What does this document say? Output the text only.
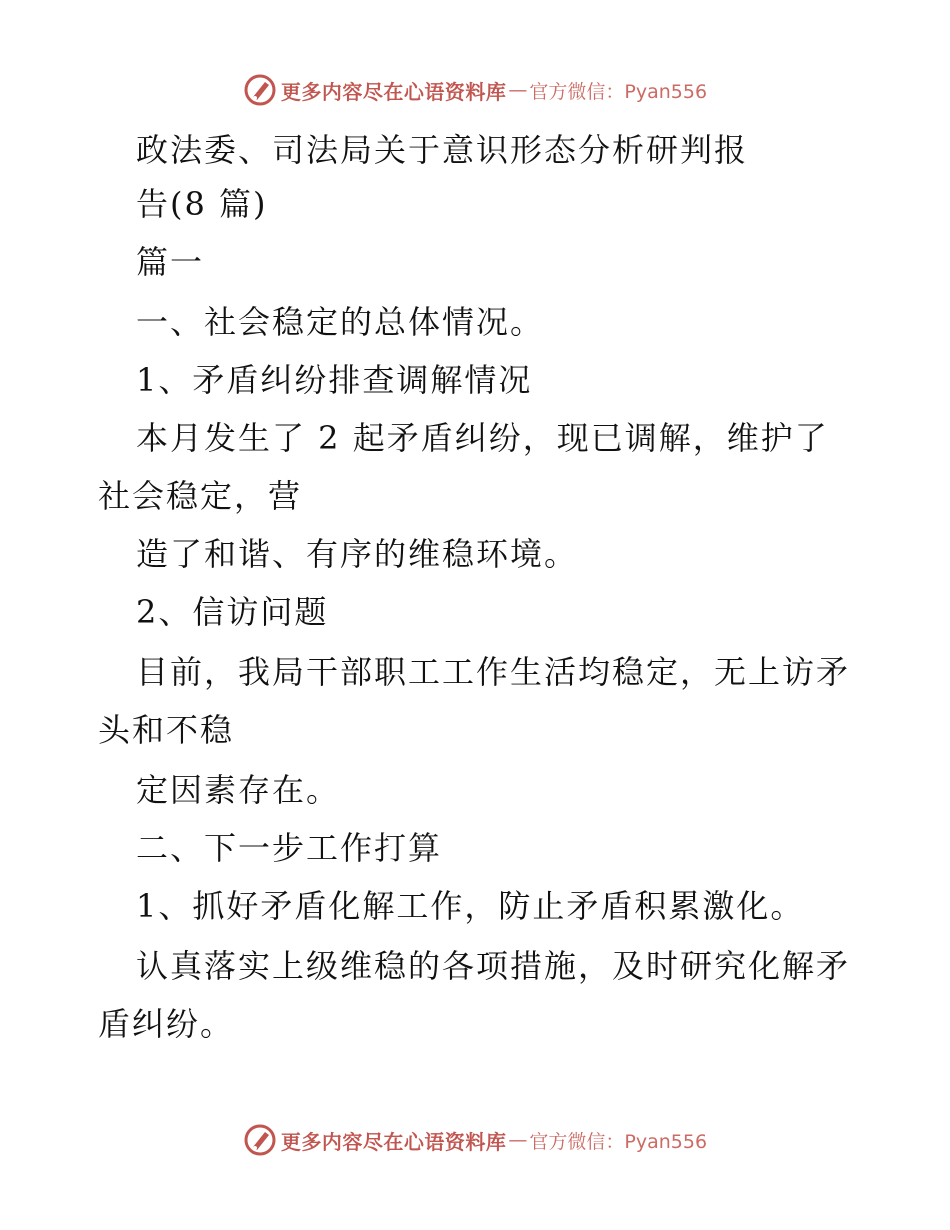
更多内容尽在心语资料库 — 官方微信：Pyan556
政法委、司法局关于意识形态分析研判报
告(8 篇)
篇一
一、社会稳定的总体情况。
1、矛盾纠纷排查调解情况
本月发生了 2 起矛盾纠纷，现已调解，维护了
社会稳定，营
造了和谐、有序的维稳环境。
2、信访问题
目前，我局干部职工工作生活均稳定，无上访矛
头和不稳
定因素存在。
二、下一步工作打算
1、抓好矛盾化解工作，防止矛盾积累激化。
认真落实上级维稳的各项措施，及时研究化解矛
盾纠纷。
更多内容尽在心语资料库 — 官方微信：Pyan556
